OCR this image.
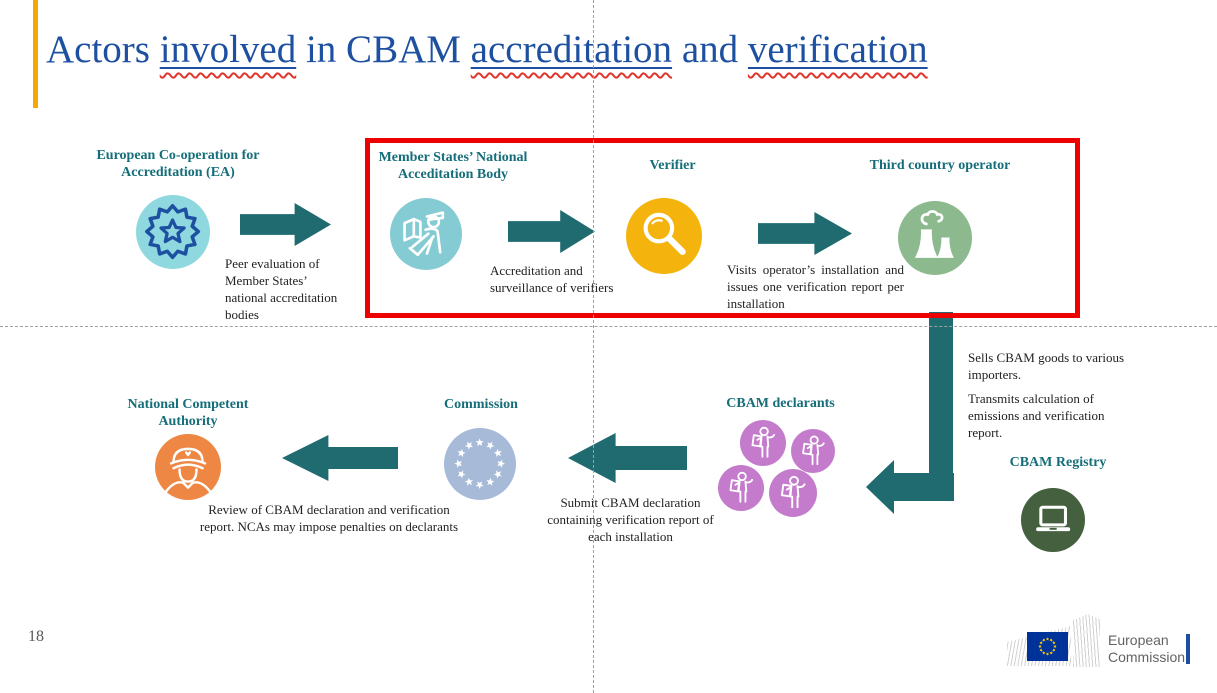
Actors involved in CBAM accreditation and verification
European Co-operation for Accreditation (EA)
Peer evaluation of Member States’ national accreditation bodies
Member States’ National Acceditation Body
Accreditation and surveillance of verifiers
Verifier
Visits operator’s installation and issues one verification report per installation
Third country operator
Sells CBAM goods to various importers.
Transmits calculation of emissions and verification report.
CBAM Registry
CBAM declarants
Submit CBAM declaration containing verification report of each installation
Commission
National Competent Authority
Review of CBAM declaration and verification report. NCAs may impose penalties on declarants
18	European
Commission
